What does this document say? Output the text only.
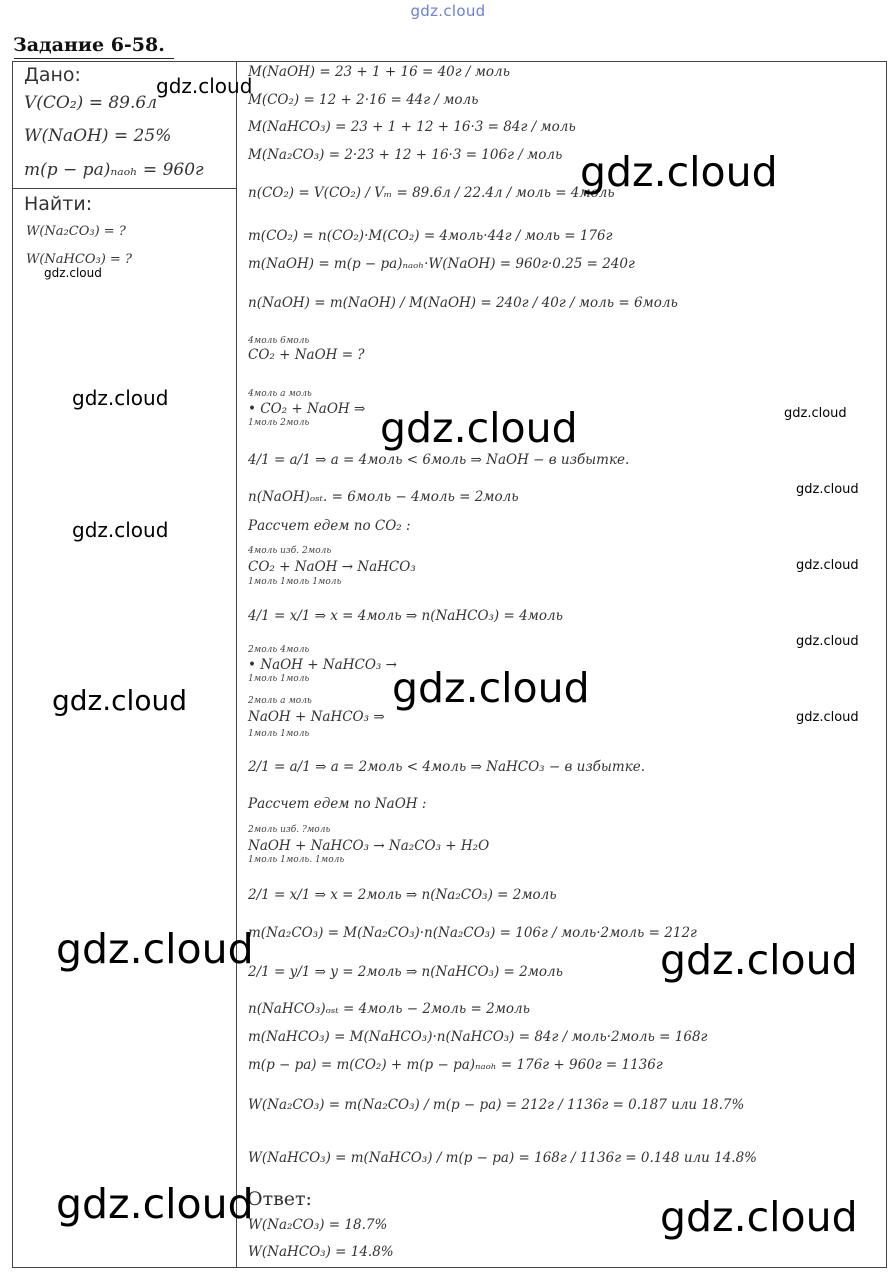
gdz.cloud
Задание 6-58.
Дано:
V(CO₂) = 89.6л
W(NaOH) = 25%
m(p − pa)ₙₐₒₕ = 960г
Найти:
W(Na₂CO₃) = ?
W(NaHCO₃) = ?
M(NaOH) = 23 + 1 + 16 = 40г / моль
M(CO₂) = 12 + 2·16 = 44г / моль
M(NaHCO₃) = 23 + 1 + 12 + 16·3 = 84г / моль
M(Na₂CO₃) = 2·23 + 12 + 16·3 = 106г / моль
n(CO₂) = V(CO₂) / Vₘ = 89.6л / 22.4л / моль = 4моль
m(CO₂) = n(CO₂)·M(CO₂) = 4моль·44г / моль = 176г
m(NaOH) = m(p − pa)ₙₐₒₕ·W(NaOH) = 960г·0.25 = 240г
n(NaOH) = m(NaOH) / M(NaOH) = 240г / 40г / моль = 6моль
4моль 6моль
CO₂ + NaOH = ?
4моль a моль
• CO₂ + NaOH ⇒
1моль 2моль
4/1 = a/1 ⇒ a = 4моль < 6моль ⇒ NaOH − в избытке.
n(NaOH)ₒₛₜ. = 6моль − 4моль = 2моль
Рассчет едем по CO₂ :
4моль изб. 2моль
CO₂ + NaOH → NaHCO₃
1моль 1моль 1моль
4/1 = x/1 ⇒ x = 4моль ⇒ n(NaHCO₃) = 4моль
2моль 4моль
• NaOH + NaHCO₃ →
1моль 1моль
2моль a моль
NaOH + NaHCO₃ ⇒
1моль 1моль
2/1 = a/1 ⇒ a = 2моль < 4моль ⇒ NaHCO₃ − в избытке.
Рассчет едем по NaOH :
2моль изб. ?моль
NaOH + NaHCO₃ → Na₂CO₃ + H₂O
1моль 1моль. 1моль
2/1 = x/1 ⇒ x = 2моль ⇒ n(Na₂CO₃) = 2моль
m(Na₂CO₃) = M(Na₂CO₃)·n(Na₂CO₃) = 106г / моль·2моль = 212г
2/1 = y/1 ⇒ y = 2моль ⇒ n(NaHCO₃) = 2моль
n(NaHCO₃)ₒₛₜ = 4моль − 2моль = 2моль
m(NaHCO₃) = M(NaHCO₃)·n(NaHCO₃) = 84г / моль·2моль = 168г
m(p − pa) = m(CO₂) + m(p − pa)ₙₐₒₕ = 176г + 960г = 1136г
W(Na₂CO₃) = m(Na₂CO₃) / m(p − pa) = 212г / 1136г = 0.187 или 18.7%
W(NaHCO₃) = m(NaHCO₃) / m(p − pa) = 168г / 1136г = 0.148 или 14.8%
Ответ:
W(Na₂CO₃) = 18.7%
W(NaHCO₃) = 14.8%
gdz.cloud
gdz.cloud
gdz.cloud
gdz.cloud
gdz.cloud
gdz.cloud
gdz.cloud
gdz.cloud
gdz.cloud
gdz.cloud
gdz.cloud
gdz.cloud
gdz.cloud
gdz.cloud
gdz.cloud
gdz.cloud
gdz.cloud
